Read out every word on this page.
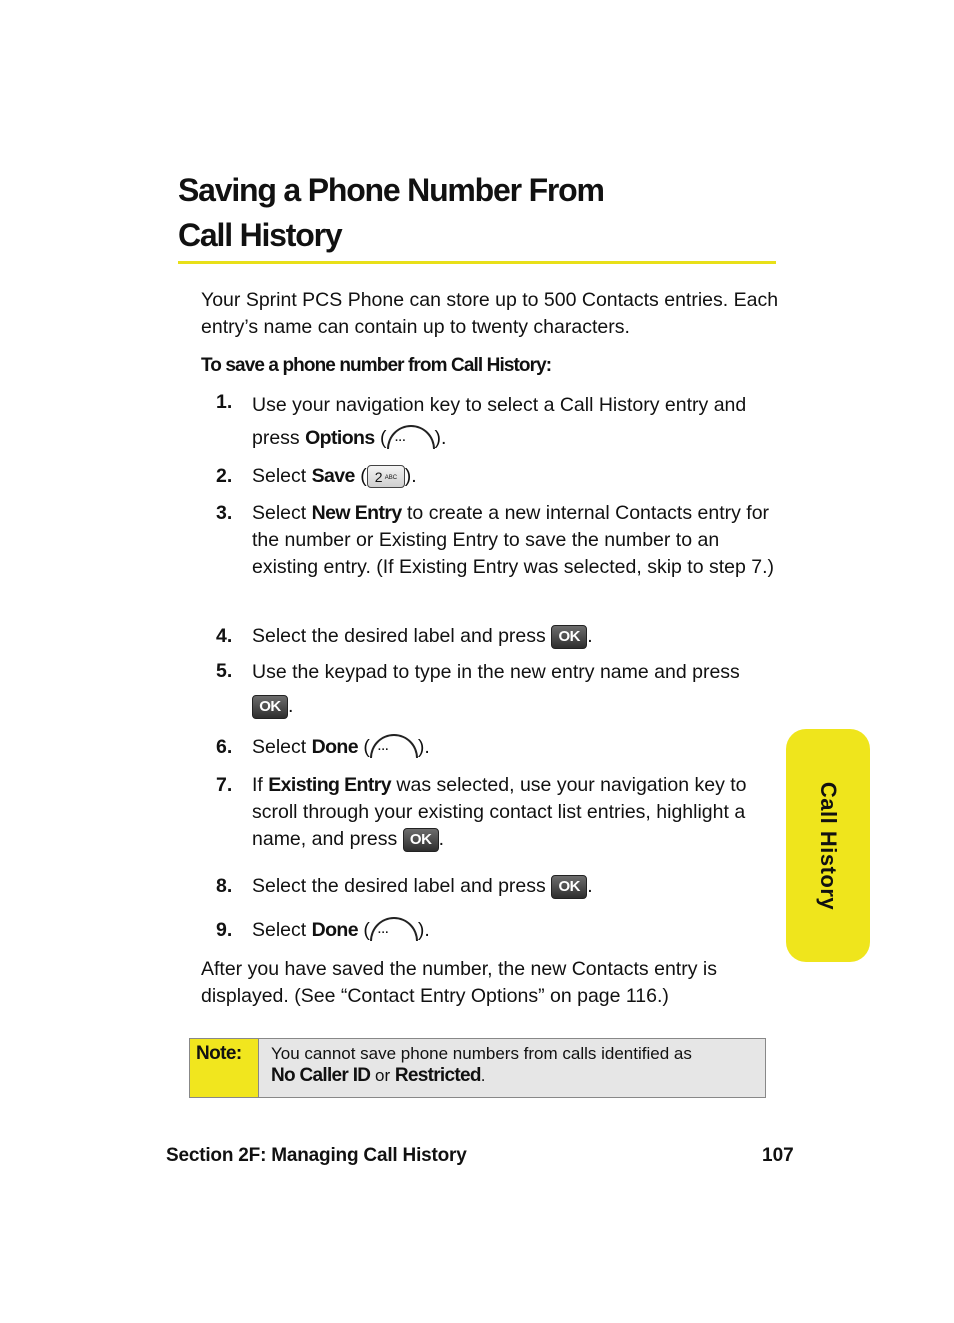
Saving a Phone Number From
Call History

Your Sprint PCS Phone can store up to 500 Contacts entries. Each entry’s name can contain up to twenty characters.

To save a phone number from Call History:

1.	Use your navigation key to select a Call History entry and press Options ( ··· ).
2.	Select Save ( 2 ABC ).
3.	Select New Entry to create a new internal Contacts entry for the number or Existing Entry to save the number to an existing entry. (If Existing Entry was selected, skip to step 7.)
4.	Select the desired label and press OK .
5.	Use the keypad to type in the new entry name and press
OK .
6.	Select Done ( ··· ).
7.	If Existing Entry was selected, use your navigation key to scroll through your existing contact list entries, highlight a name, and press OK .
8.	Select the desired label and press OK .
9.	Select Done ( ··· ).

After you have saved the number, the new Contacts entry is displayed. (See “Contact Entry Options” on page 116.)

Note: You cannot save phone numbers from calls identified as
No Caller ID or Restricted.
Call History
Section 2F: Managing Call History	107
